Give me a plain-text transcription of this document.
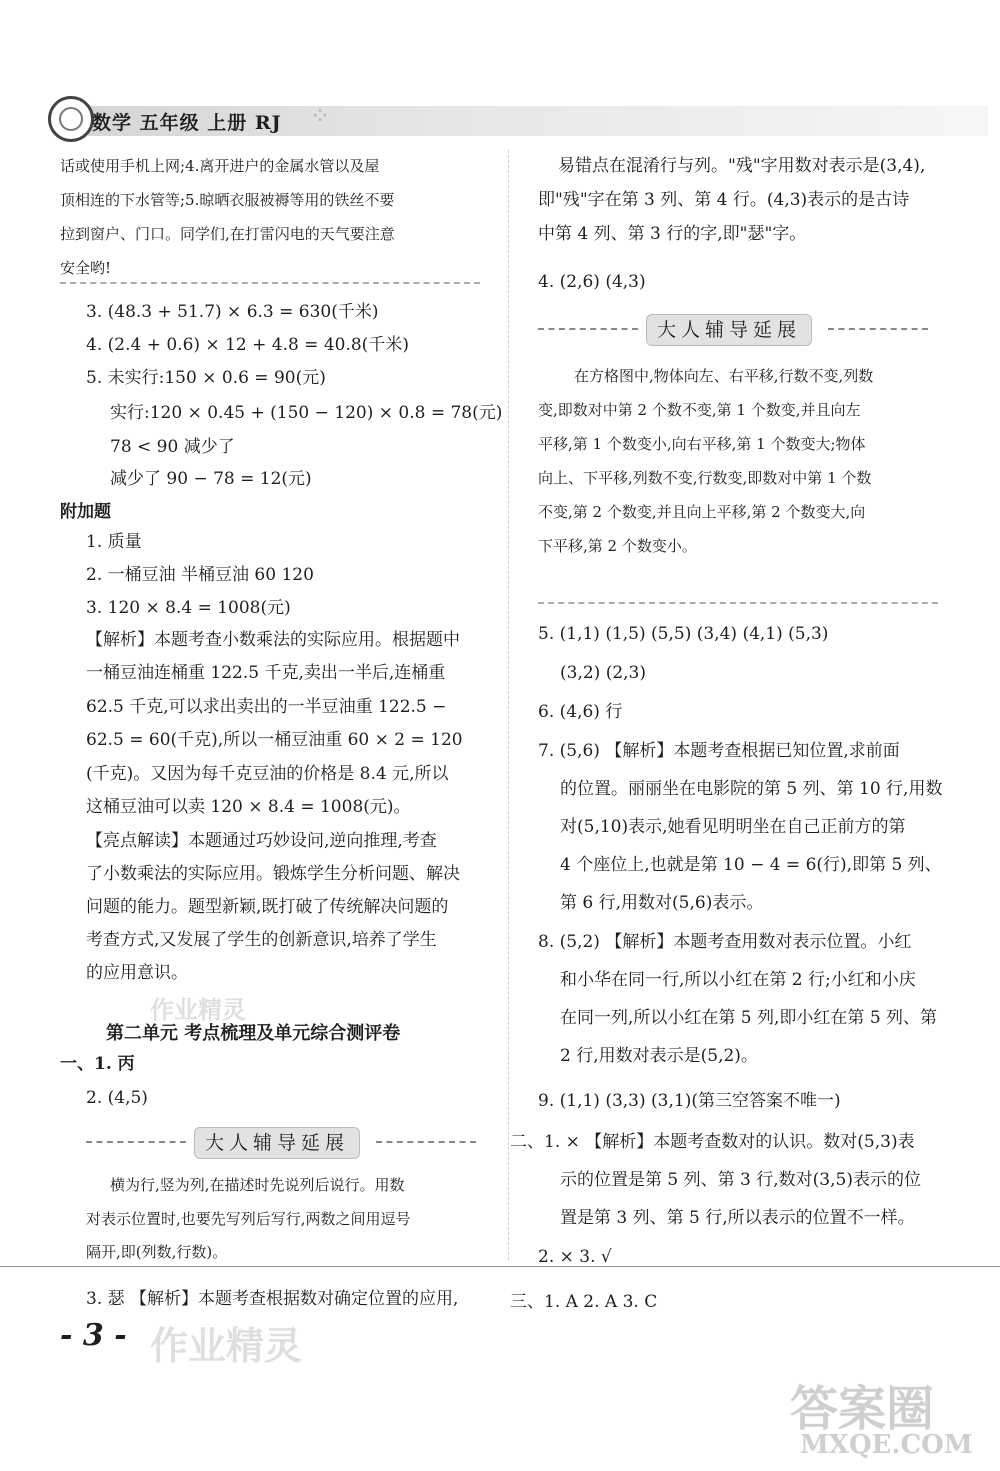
数学 五年级 上册 RJ ⁘
话或使用手机上网;4.离开进户的金属水管以及屋
顶相连的下水管等;5.晾晒衣服被褥等用的铁丝不要
拉到窗户、门口。同学们,在打雷闪电的天气要注意
安全哟!
3. (48.3 + 51.7) × 6.3 = 630(千米)
4. (2.4 + 0.6) × 12 + 4.8 = 40.8(千米)
5. 未实行:150 × 0.6 = 90(元)
实行:120 × 0.45 + (150 − 120) × 0.8 = 78(元)
78 < 90 减少了
减少了 90 − 78 = 12(元)
附加题
1. 质量
2. 一桶豆油 半桶豆油 60 120
3. 120 × 8.4 = 1008(元)
【解析】本题考查小数乘法的实际应用。根据题中
一桶豆油连桶重 122.5 千克,卖出一半后,连桶重
62.5 千克,可以求出卖出的一半豆油重 122.5 −
62.5 = 60(千克),所以一桶豆油重 60 × 2 = 120
(千克)。又因为每千克豆油的价格是 8.4 元,所以
这桶豆油可以卖 120 × 8.4 = 1008(元)。
【亮点解读】本题通过巧妙设问,逆向推理,考查
了小数乘法的实际应用。锻炼学生分析问题、解决
问题的能力。题型新颖,既打破了传统解决问题的
考查方式,又发展了学生的创新意识,培养了学生
的应用意识。
作业精灵
第二单元 考点梳理及单元综合测评卷
一、1. 丙
2. (4,5)
大人辅导延展
横为行,竖为列,在描述时先说列后说行。用数
对表示位置时,也要先写列后写行,两数之间用逗号
隔开,即(列数,行数)。
3. 瑟 【解析】本题考查根据数对确定位置的应用,
易错点在混淆行与列。"残"字用数对表示是(3,4),
即"残"字在第 3 列、第 4 行。(4,3)表示的是古诗
中第 4 列、第 3 行的字,即"瑟"字。
4. (2,6) (4,3)
大人辅导延展
在方格图中,物体向左、右平移,行数不变,列数
变,即数对中第 2 个数不变,第 1 个数变,并且向左
平移,第 1 个数变小,向右平移,第 1 个数变大;物体
向上、下平移,列数不变,行数变,即数对中第 1 个数
不变,第 2 个数变,并且向上平移,第 2 个数变大,向
下平移,第 2 个数变小。
5. (1,1) (1,5) (5,5) (3,4) (4,1) (5,3)
(3,2) (2,3)
6. (4,6) 行
7. (5,6) 【解析】本题考查根据已知位置,求前面
的位置。丽丽坐在电影院的第 5 列、第 10 行,用数
对(5,10)表示,她看见明明坐在自己正前方的第
4 个座位上,也就是第 10 − 4 = 6(行),即第 5 列、
第 6 行,用数对(5,6)表示。
8. (5,2) 【解析】本题考查用数对表示位置。小红
和小华在同一行,所以小红在第 2 行;小红和小庆
在同一列,所以小红在第 5 列,即小红在第 5 列、第
2 行,用数对表示是(5,2)。
9. (1,1) (3,3) (3,1)(第三空答案不唯一)
二、1. × 【解析】本题考查数对的认识。数对(5,3)表
示的位置是第 5 列、第 3 行,数对(3,5)表示的位
置是第 3 列、第 5 行,所以表示的位置不一样。
2. × 3. √
三、1. A 2. A 3. C
- 3 - 作业精灵
答案圈
MXQE.COM
